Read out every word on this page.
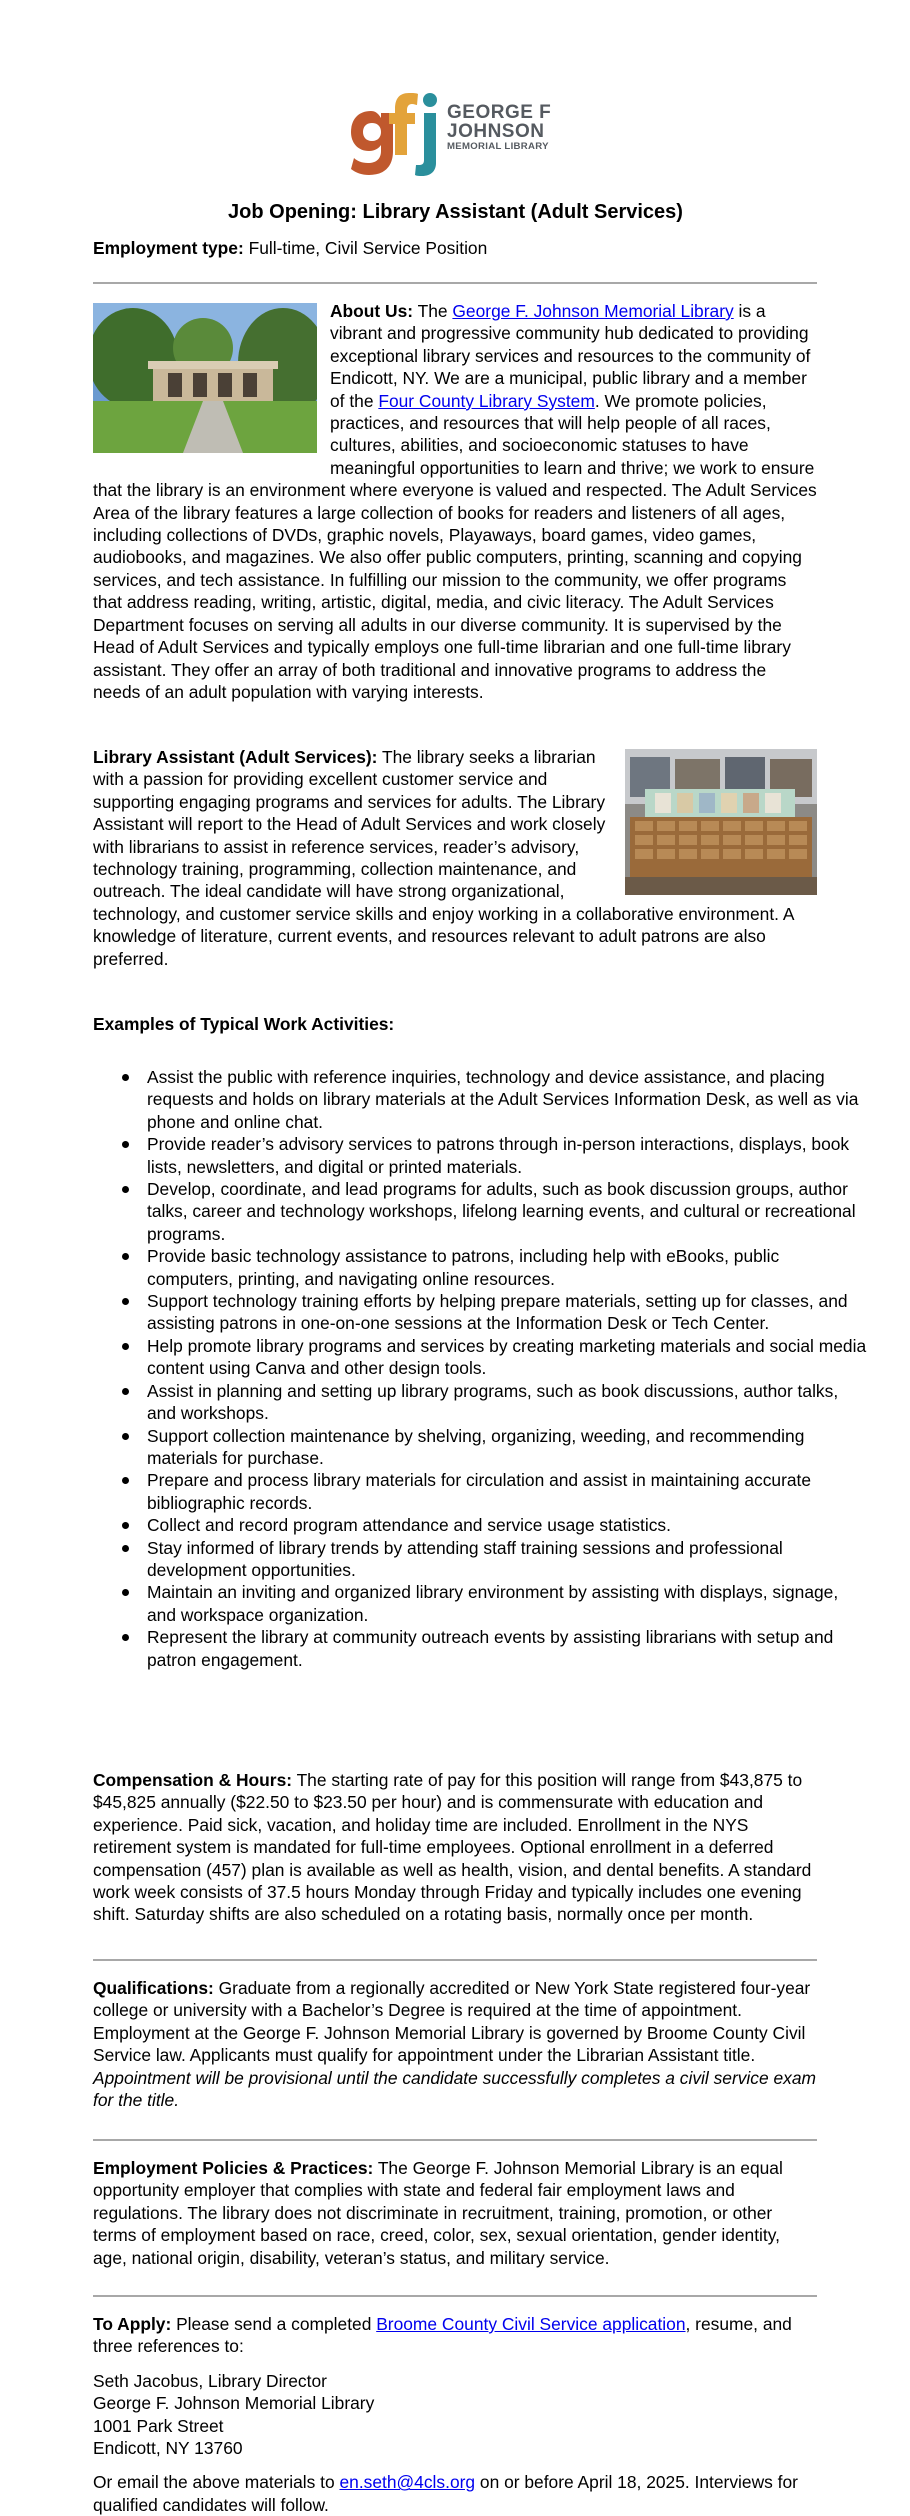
GEORGE F
JOHNSON
MEMORIAL LIBRARY
Job Opening: Library Assistant (Adult Services)
Employment type: Full-time, Civil Service Position
About Us: The George F. Johnson Memorial Library is a vibrant and progressive community hub dedicated to providing exceptional library services and resources to the community of Endicott, NY. We are a municipal, public library and a member of the Four County Library System. We promote policies, practices, and resources that will help people of all races, cultures, abilities, and socioeconomic statuses to have meaningful opportunities to learn and thrive; we work to ensure that the library is an environment where everyone is valued and respected. The Adult Services Area of the library features a large collection of books for readers and listeners of all ages, including collections of DVDs, graphic novels, Playaways, board games, video games, audiobooks, and magazines. We also offer public computers, printing, scanning and copying services, and tech assistance. In fulfilling our mission to the community, we offer programs that address reading, writing, artistic, digital, media, and civic literacy. The Adult Services Department focuses on serving all adults in our diverse community. It is supervised by the Head of Adult Services and typically employs one full-time librarian and one full-time library assistant. They offer an array of both traditional and innovative programs to address the needs of an adult population with varying interests.
Library Assistant (Adult Services): The library seeks a librarian with a passion for providing excellent customer service and supporting engaging programs and services for adults. The Library Assistant will report to the Head of Adult Services and work closely with librarians to assist in reference services, reader’s advisory, technology training, programming, collection maintenance, and outreach. The ideal candidate will have strong organizational, technology, and customer service skills and enjoy working in a collaborative environment. A knowledge of literature, current events, and resources relevant to adult patrons are also preferred.
Examples of Typical Work Activities:
Assist the public with reference inquiries, technology and device assistance, and placing requests and holds on library materials at the Adult Services Information Desk, as well as via phone and online chat.
Provide reader’s advisory services to patrons through in-person interactions, displays, book lists, newsletters, and digital or printed materials.
Develop, coordinate, and lead programs for adults, such as book discussion groups, author talks, career and technology workshops, lifelong learning events, and cultural or recreational programs.
Provide basic technology assistance to patrons, including help with eBooks, public computers, printing, and navigating online resources.
Support technology training efforts by helping prepare materials, setting up for classes, and assisting patrons in one-on-one sessions at the Information Desk or Tech Center.
Help promote library programs and services by creating marketing materials and social media content using Canva and other design tools.
Assist in planning and setting up library programs, such as book discussions, author talks, and workshops.
Support collection maintenance by shelving, organizing, weeding, and recommending materials for purchase.
Prepare and process library materials for circulation and assist in maintaining accurate bibliographic records.
Collect and record program attendance and service usage statistics.
Stay informed of library trends by attending staff training sessions and professional development opportunities.
Maintain an inviting and organized library environment by assisting with displays, signage, and workspace organization.
Represent the library at community outreach events by assisting librarians with setup and patron engagement.
Compensation & Hours: The starting rate of pay for this position will range from $43,875 to $45,825 annually ($22.50 to $23.50 per hour) and is commensurate with education and experience. Paid sick, vacation, and holiday time are included. Enrollment in the NYS retirement system is mandated for full-time employees. Optional enrollment in a deferred compensation (457) plan is available as well as health, vision, and dental benefits. A standard work week consists of 37.5 hours Monday through Friday and typically includes one evening shift. Saturday shifts are also scheduled on a rotating basis, normally once per month.
Qualifications: Graduate from a regionally accredited or New York State registered four-year college or university with a Bachelor’s Degree is required at the time of appointment. Employment at the George F. Johnson Memorial Library is governed by Broome County Civil Service law. Applicants must qualify for appointment under the Librarian Assistant title. Appointment will be provisional until the candidate successfully completes a civil service exam for the title.
Employment Policies & Practices: The George F. Johnson Memorial Library is an equal opportunity employer that complies with state and federal fair employment laws and regulations. The library does not discriminate in recruitment, training, promotion, or other terms of employment based on race, creed, color, sex, sexual orientation, gender identity, age, national origin, disability, veteran’s status, and military service.
To Apply: Please send a completed Broome County Civil Service application, resume, and three references to:
Seth Jacobus, Library Director
George F. Johnson Memorial Library
1001 Park Street
Endicott, NY 13760
Or email the above materials to en.seth@4cls.org on or before April 18, 2025. Interviews for qualified candidates will follow.
